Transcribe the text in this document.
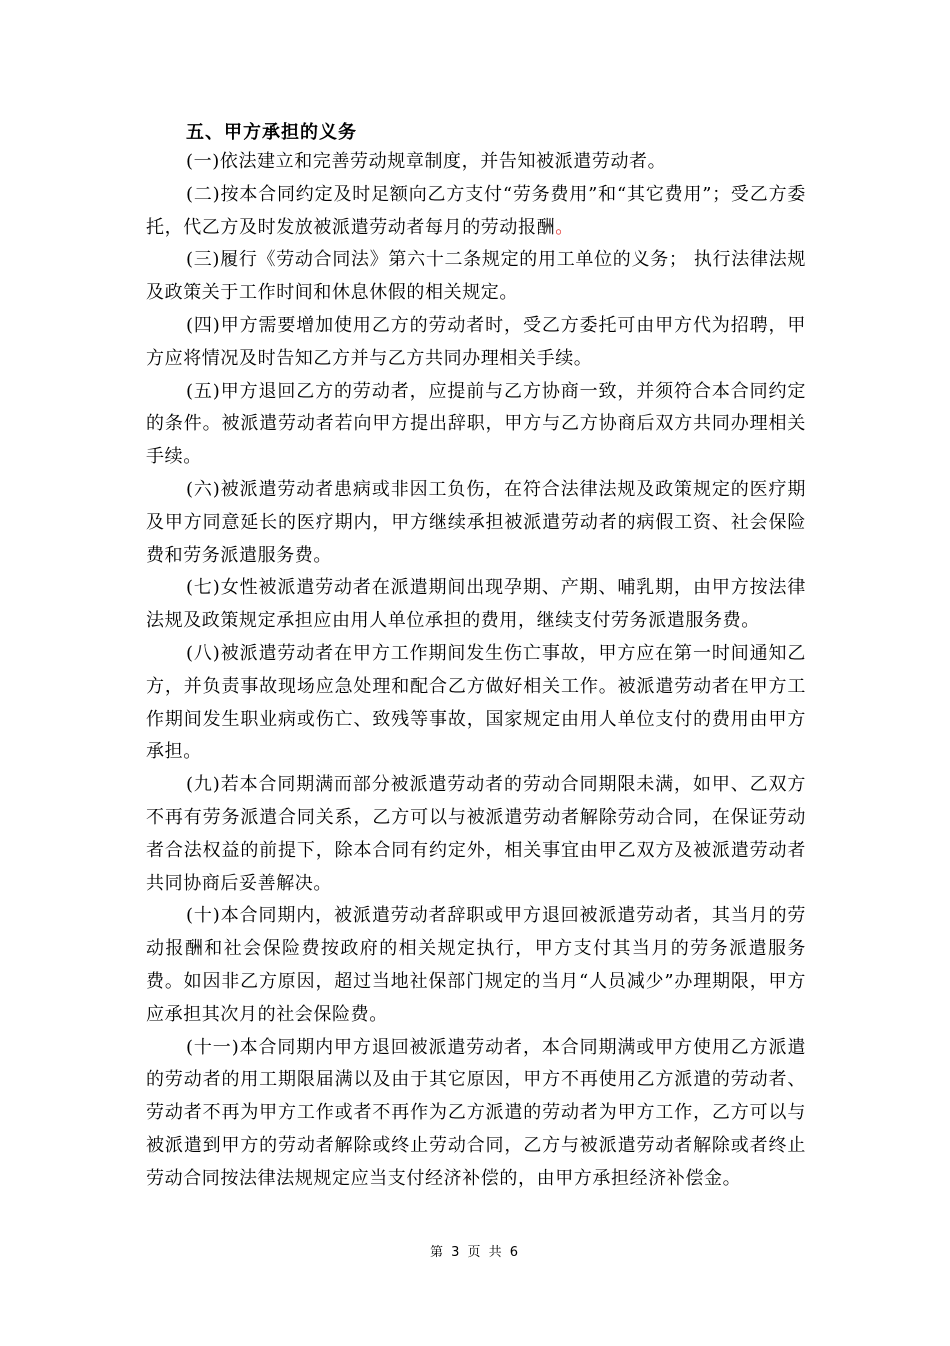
五、甲方承担的义务

(一)依法建立和完善劳动规章制度，并告知被派遣劳动者。

(二)按本合同约定及时足额向乙方支付“劳务费用”和“其它费用”；受乙方委托，代乙方及时发放被派遣劳动者每月的劳动报酬。

(三)履行《劳动合同法》第六十二条规定的用工单位的义务； 执行法律法规及政策关于工作时间和休息休假的相关规定。

(四)甲方需要增加使用乙方的劳动者时，受乙方委托可由甲方代为招聘，甲方应将情况及时告知乙方并与乙方共同办理相关手续。

(五)甲方退回乙方的劳动者，应提前与乙方协商一致，并须符合本合同约定的条件。被派遣劳动者若向甲方提出辞职，甲方与乙方协商后双方共同办理相关手续。

(六)被派遣劳动者患病或非因工负伤，在符合法律法规及政策规定的医疗期及甲方同意延长的医疗期内，甲方继续承担被派遣劳动者的病假工资、社会保险费和劳务派遣服务费。

(七)女性被派遣劳动者在派遣期间出现孕期、产期、哺乳期，由甲方按法律法规及政策规定承担应由用人单位承担的费用，继续支付劳务派遣服务费。

(八)被派遣劳动者在甲方工作期间发生伤亡事故，甲方应在第一时间通知乙方，并负责事故现场应急处理和配合乙方做好相关工作。被派遣劳动者在甲方工作期间发生职业病或伤亡、致残等事故，国家规定由用人单位支付的费用由甲方承担。

(九)若本合同期满而部分被派遣劳动者的劳动合同期限未满，如甲、乙双方不再有劳务派遣合同关系，乙方可以与被派遣劳动者解除劳动合同，在保证劳动者合法权益的前提下，除本合同有约定外，相关事宜由甲乙双方及被派遣劳动者共同协商后妥善解决。

(十)本合同期内，被派遣劳动者辞职或甲方退回被派遣劳动者，其当月的劳动报酬和社会保险费按政府的相关规定执行，甲方支付其当月的劳务派遣服务费。如因非乙方原因，超过当地社保部门规定的当月“人员减少”办理期限，甲方应承担其次月的社会保险费。

(十一)本合同期内甲方退回被派遣劳动者，本合同期满或甲方使用乙方派遣的劳动者的用工期限届满以及由于其它原因，甲方不再使用乙方派遣的劳动者、劳动者不再为甲方工作或者不再作为乙方派遣的劳动者为甲方工作，乙方可以与被派遣到甲方的劳动者解除或终止劳动合同，乙方与被派遣劳动者解除或者终止劳动合同按法律法规规定应当支付经济补偿的，由甲方承担经济补偿金。

第 3 页 共 6
